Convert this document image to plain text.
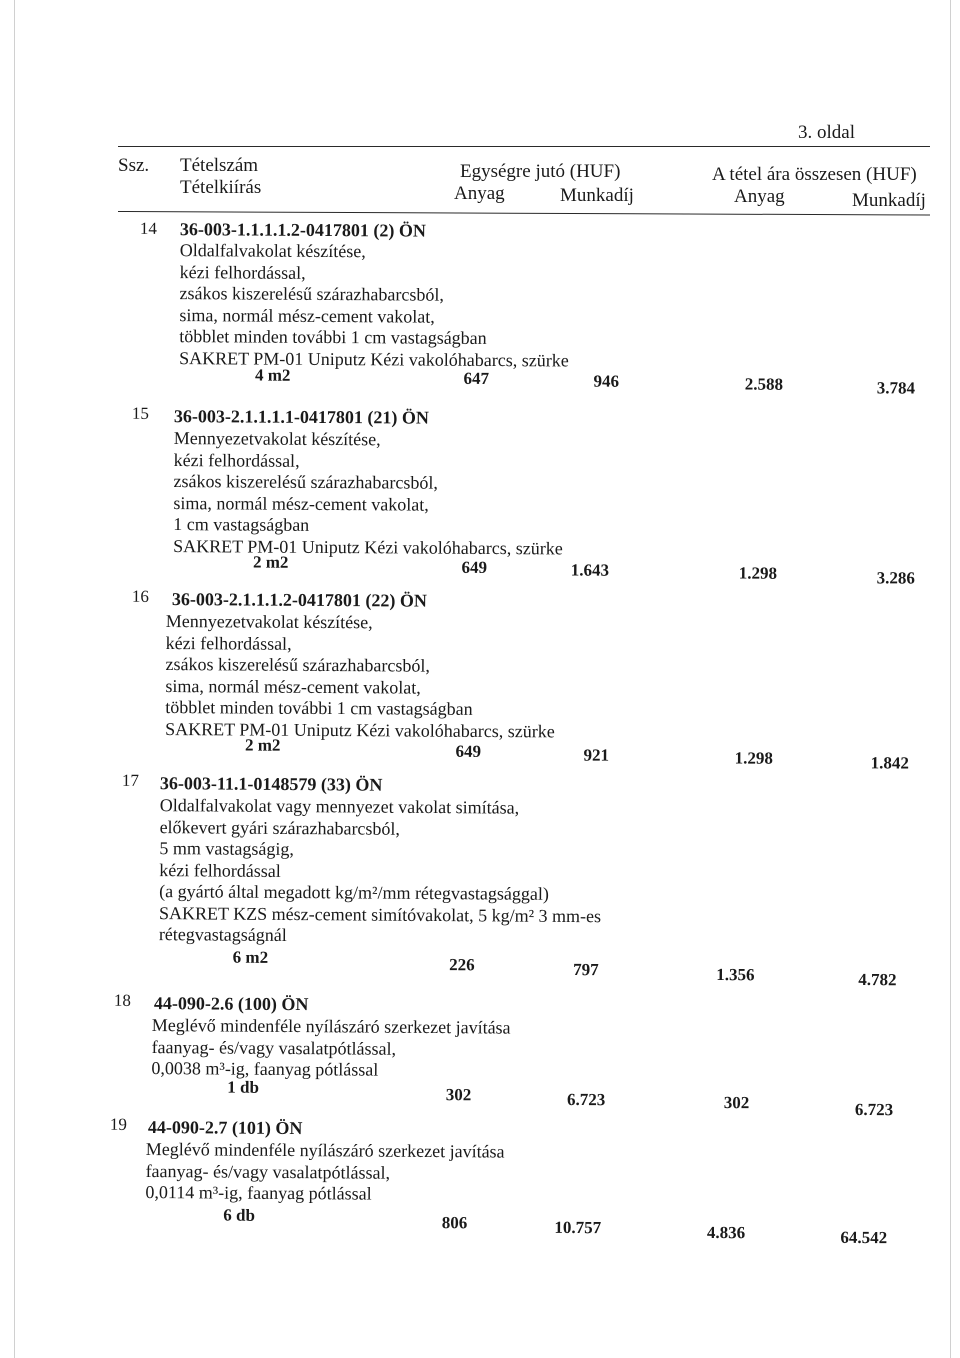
3. oldal
Ssz. Tételszám
Tételkiírás
Egységre jutó (HUF)
Anyag	Munkadíj
A tétel ára összesen (HUF)
Anyag	Munkadíj
14 36-003-1.1.1.1.2-0417801 (2) ÖN
Oldalfalvakolat készítése,
kézi felhordással,
zsákos kiszerelésű szárazhabarcsból,
sima, normál mész-cement vakolat,
többlet minden további 1 cm vastagságban
SAKRET PM-01 Uniputz Kézi vakolóhabarcs, szürke
4 m2	647	946	2.588	3.784
15 36-003-2.1.1.1.1-0417801 (21) ÖN
Mennyezetvakolat készítése,
kézi felhordással,
zsákos kiszerelésű szárazhabarcsból,
sima, normál mész-cement vakolat,
1 cm vastagságban
SAKRET PM-01 Uniputz Kézi vakolóhabarcs, szürke
2 m2	649	1.643	1.298	3.286
16 36-003-2.1.1.1.2-0417801 (22) ÖN
Mennyezetvakolat készítése,
kézi felhordással,
zsákos kiszerelésű szárazhabarcsból,
sima, normál mész-cement vakolat,
többlet minden további 1 cm vastagságban
SAKRET PM-01 Uniputz Kézi vakolóhabarcs, szürke
2 m2	649	921	1.298	1.842
17 36-003-11.1-0148579 (33) ÖN
Oldalfalvakolat vagy mennyezet vakolat simítása,
előkevert gyári szárazhabarcsból,
5 mm vastagságig,
kézi felhordással
(a gyártó által megadott kg/m²/mm rétegvastagsággal)
SAKRET KZS mész-cement simítóvakolat, 5 kg/m² 3 mm-es
rétegvastagságnál
6 m2	226	797	1.356	4.782
18 44-090-2.6 (100) ÖN
Meglévő mindenféle nyílászáró szerkezet javítása
faanyag- és/vagy vasalatpótlással,
0,0038 m³-ig, faanyag pótlással
1 db	302	6.723	302	6.723
19 44-090-2.7 (101) ÖN
Meglévő mindenféle nyílászáró szerkezet javítása
faanyag- és/vagy vasalatpótlással,
0,0114 m³-ig, faanyag pótlással
6 db	806	10.757	4.836	64.542
